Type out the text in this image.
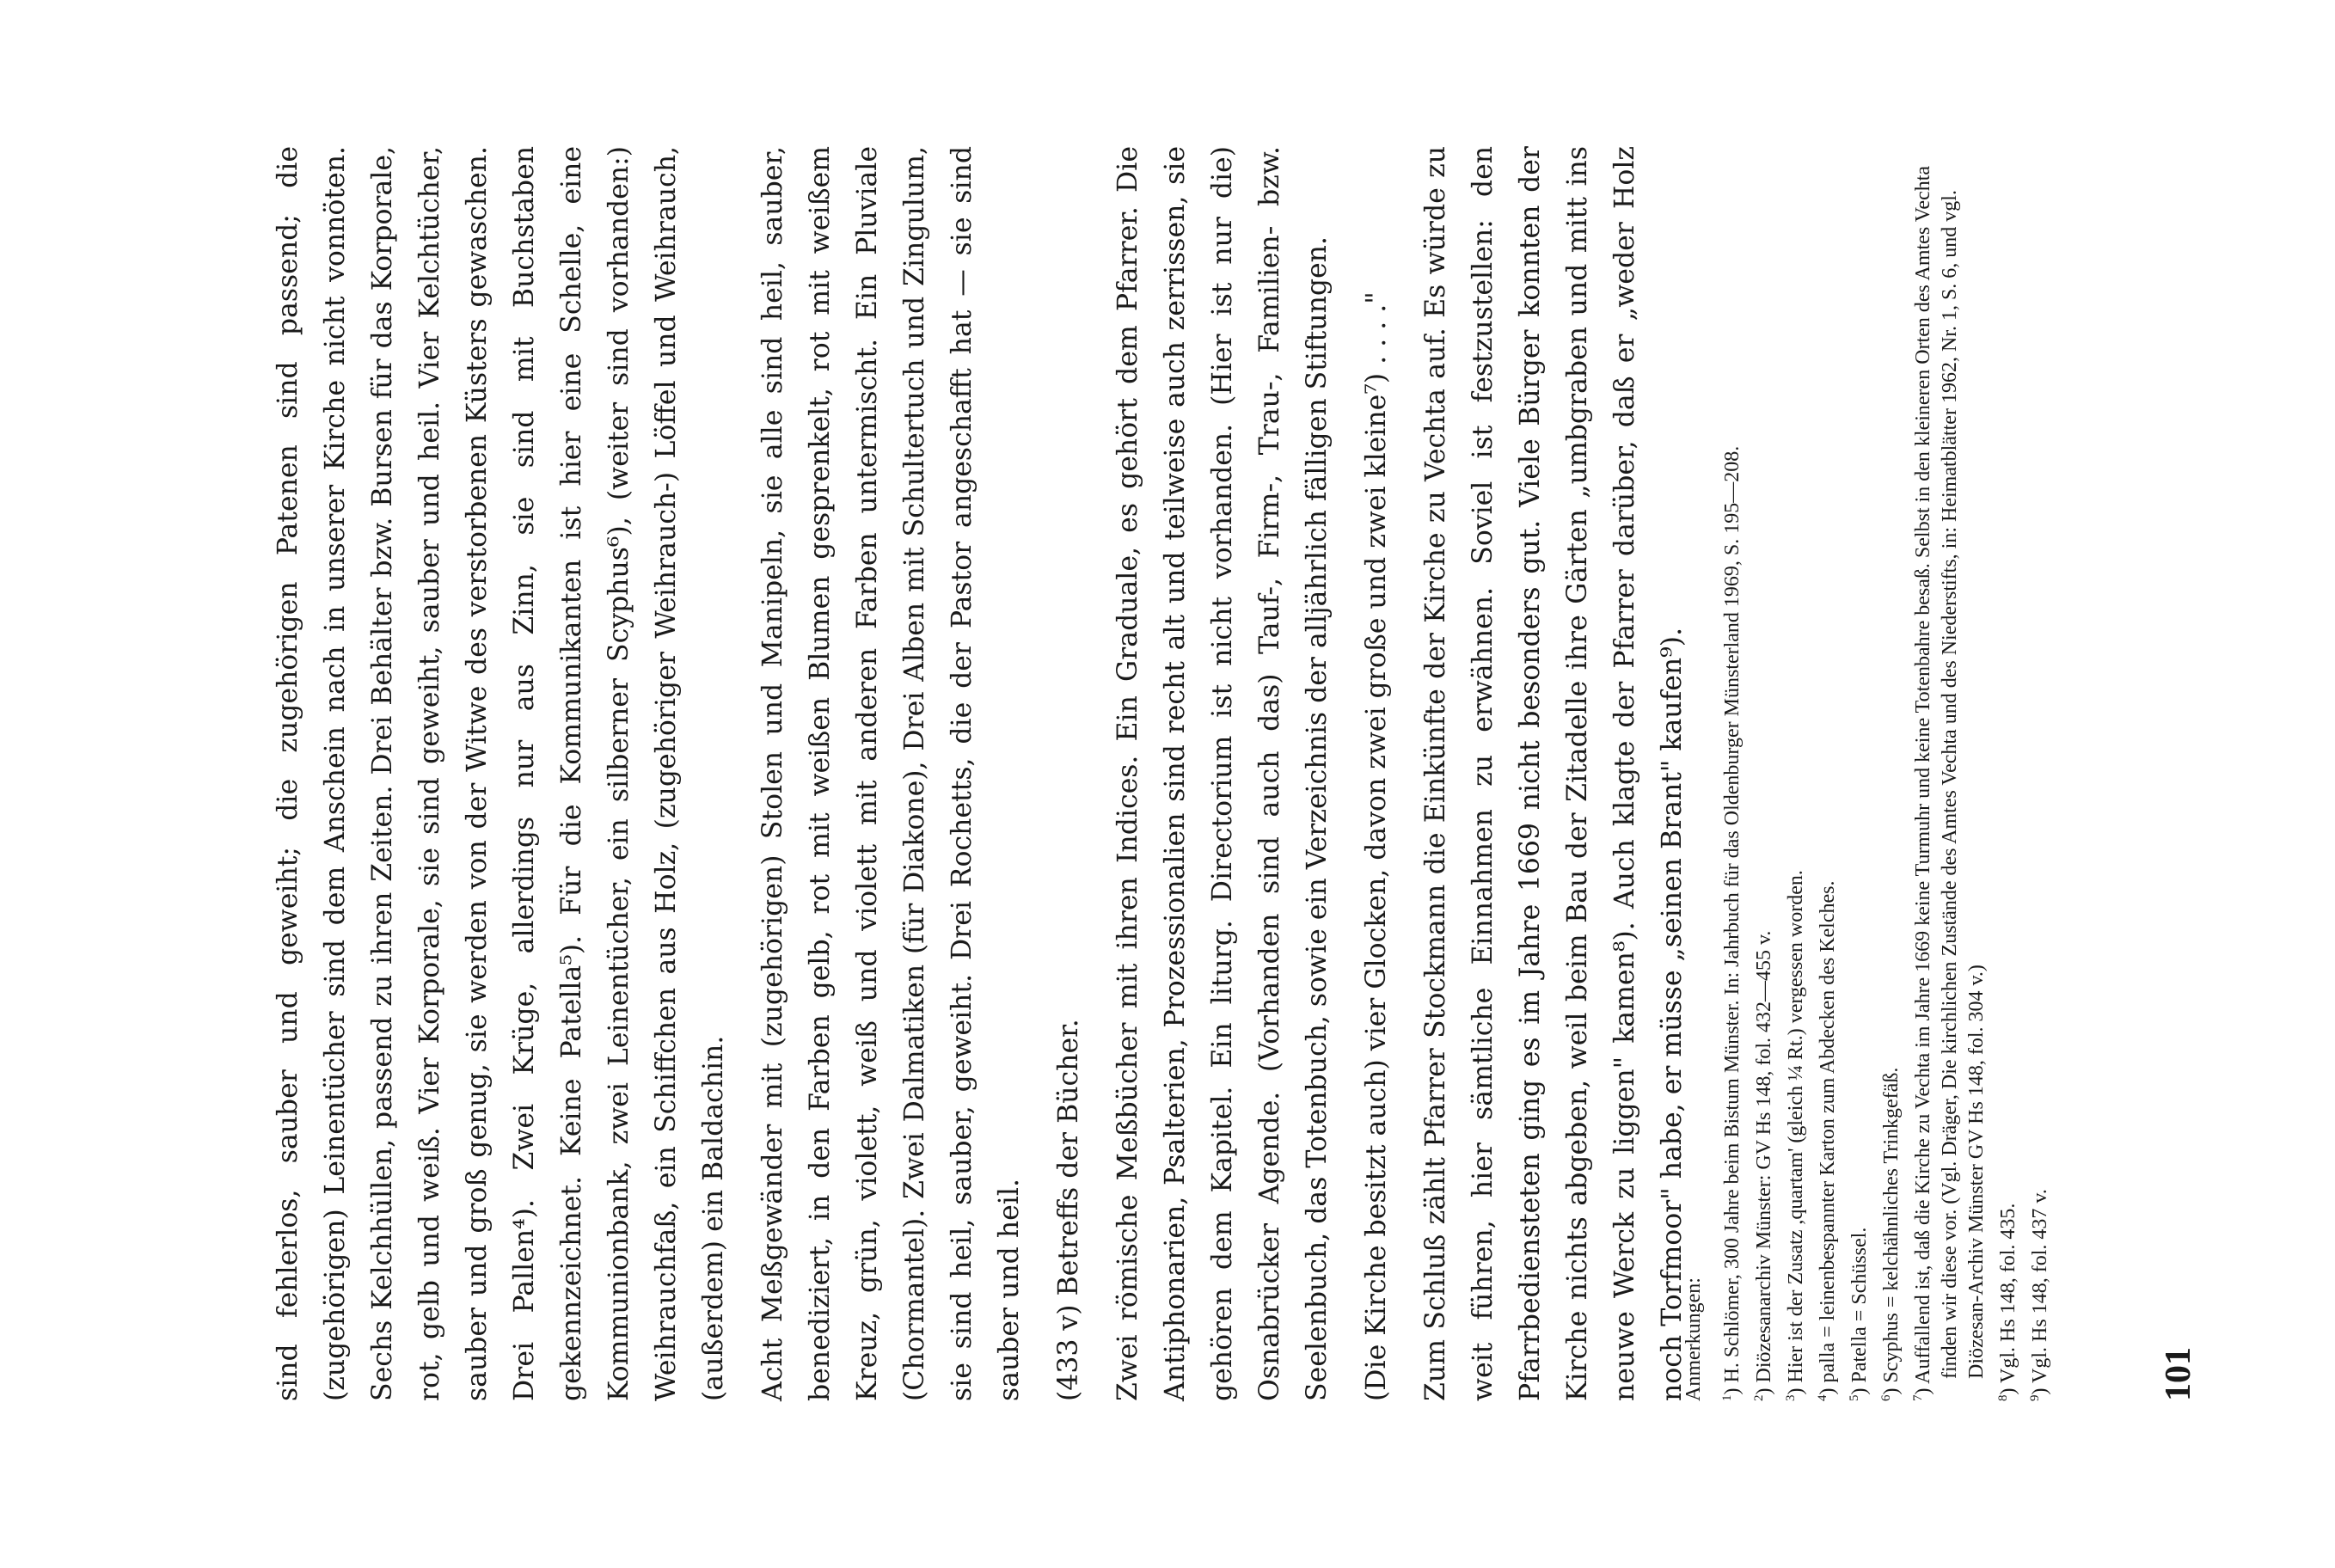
sind fehlerlos, sauber und geweiht; die zugehörigen Patenen sind passend; die (zugehörigen) Leinentücher sind dem Anschein nach in unserer Kirche nicht vonnöten. Sechs Kelchhüllen, passend zu ihren Zeiten. Drei Behälter bzw. Bursen für das Korporale, rot, gelb und weiß. Vier Korporale, sie sind geweiht, sauber und heil. Vier Kelchtücher, sauber und groß genug, sie werden von der Witwe des verstorbenen Küsters gewaschen. Drei Pallen⁴). Zwei Krüge, allerdings nur aus Zinn, sie sind mit Buchstaben gekennzeichnet. Keine Patella⁵). Für die Kommunikanten ist hier eine Schelle, eine Kommunionbank, zwei Leinentücher, ein silberner Scyphus⁶), (weiter sind vorhanden:) Weihrauchfaß, ein Schiffchen aus Holz, (zugehöriger Weihrauch-) Löffel und Weihrauch, (außerdem) ein Baldachin.	Acht Meßgewänder mit (zugehörigen) Stolen und Manipeln, sie alle sind heil, sauber, benediziert, in den Farben gelb, rot mit weißen Blumen gesprenkelt, rot mit weißem Kreuz, grün, violett, weiß und violett mit anderen Farben untermischt. Ein Pluviale (Chormantel). Zwei Dalmatiken (für Diakone), Drei Alben mit Schultertuch und Zingulum, sie sind heil, sauber, geweiht. Drei Rochetts, die der Pastor angeschafft hat — sie sind sauber und heil.	(433 v) Betreffs der Bücher.	Zwei römische Meßbücher mit ihren Indices. Ein Graduale, es gehört dem Pfarrer. Die Antiphonarien, Psalterien, Prozessionalien sind recht alt und teilweise auch zerrissen, sie gehören dem Kapitel. Ein liturg. Directorium ist nicht vorhanden. (Hier ist nur die) Osnabrücker Agende. (Vorhanden sind auch das) Tauf-, Firm-, Trau-, Familien- bzw. Seelenbuch, das Totenbuch, sowie ein Verzeichnis der alljährlich fälligen Stiftungen.	(Die Kirche besitzt auch) vier Glocken, davon zwei große und zwei kleine⁷) . . . ."	Zum Schluß zählt Pfarrer Stockmann die Einkünfte der Kirche zu Vechta auf. Es würde zu weit führen, hier sämtliche Einnahmen zu erwähnen. Soviel ist festzustellen: den Pfarrbediensteten ging es im Jahre 1669 nicht besonders gut. Viele Bürger konnten der Kirche nichts abgeben, weil beim Bau der Zitadelle ihre Gärten „umbgraben und mitt ins neuwe Werck zu liggen" kamen⁸). Auch klagte der Pfarrer darüber, daß er „weder Holz noch Torfmoor" habe, er müsse „seinen Brant" kaufen⁹).

Anmerkungen:	$^1$) H. Schlömer, 300 Jahre beim Bistum Münster. In: Jahrbuch für das Oldenburger Münsterland 1969, S. 195—208.
$^2$) Diözesanarchiv Münster: GV Hs 148, fol. 432—455 v.
$^3$) Hier ist der Zusatz ,quartam' (gleich ¼ Rt.) vergessen worden.
$^4$) palla = leinenbespannter Karton zum Abdecken des Kelches.
$^5$) Patella = Schüssel.
$^6$) Scyphus = kelchähnliches Trinkgefäß.
$^7$) Auffallend ist, daß die Kirche zu Vechta im Jahre 1669 keine Turmuhr und keine Totenbahre besaß. Selbst in den kleineren Orten des Amtes Vechta finden wir diese vor. (Vgl. Dräger, Die kirchlichen Zustände des Amtes Vechta und des Niederstifts, in: Heimatblätter 1962, Nr. 1, S. 6, und vgl. Diözesan-Archiv Münster GV Hs 148, fol. 304 v.)
$^8$) Vgl. Hs 148, fol. 435.
$^9$) Vgl. Hs 148, fol. 437 v.	101
